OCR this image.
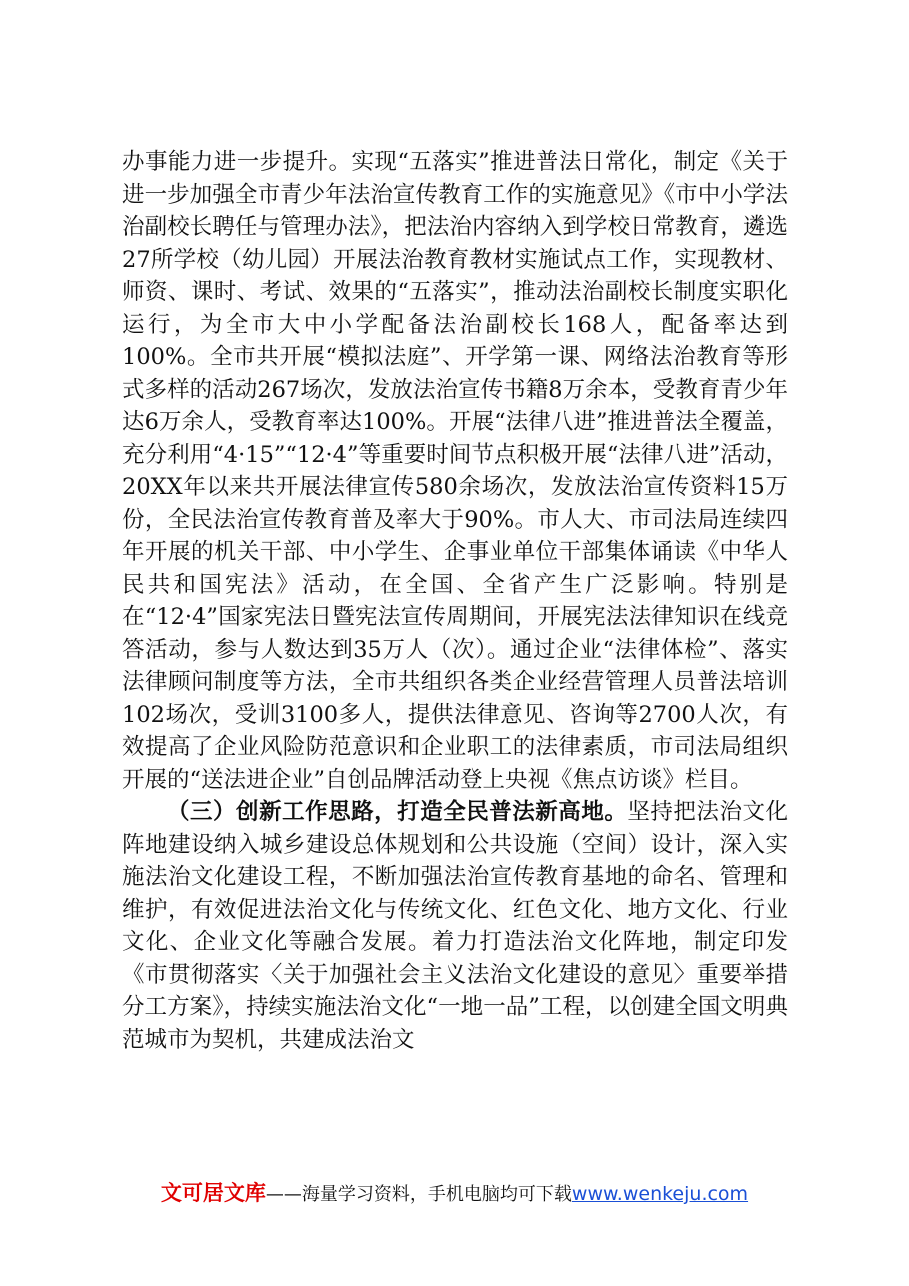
办事能力进一步提升。实现“五落实”推进普法日常化，制定《关于进一步加强全市青少年法治宣传教育工作的实施意见》《市中小学法治副校长聘任与管理办法》，把法治内容纳入到学校日常教育，遴选27所学校（幼儿园）开展法治教育教材实施试点工作，实现教材、师资、课时、考试、效果的“五落实”，推动法治副校长制度实职化运行，为全市大中小学配备法治副校长168人，配备率达到100%。全市共开展“模拟法庭”、开学第一课、网络法治教育等形式多样的活动267场次，发放法治宣传书籍8万余本，受教育青少年达6万余人，受教育率达100%。开展“法律八进”推进普法全覆盖，充分利用“4·15”“12·4”等重要时间节点积极开展“法律八进”活动，20XX年以来共开展法律宣传580余场次，发放法治宣传资料15万份，全民法治宣传教育普及率大于90%。市人大、市司法局连续四年开展的机关干部、中小学生、企事业单位干部集体诵读《中华人民共和国宪法》活动，在全国、全省产生广泛影响。特别是在“12·4”国家宪法日暨宪法宣传周期间，开展宪法法律知识在线竞答活动，参与人数达到35万人（次）。通过企业“法律体检”、落实法律顾问制度等方法，全市共组织各类企业经营管理人员普法培训102场次，受训3100多人，提供法律意见、咨询等2700人次，有效提高了企业风险防范意识和企业职工的法律素质，市司法局组织开展的“送法进企业”自创品牌活动登上央视《焦点访谈》栏目。

（三）创新工作思路，打造全民普法新高地。坚持把法治文化阵地建设纳入城乡建设总体规划和公共设施（空间）设计，深入实施法治文化建设工程，不断加强法治宣传教育基地的命名、管理和维护，有效促进法治文化与传统文化、红色文化、地方文化、行业文化、企业文化等融合发展。着力打造法治文化阵地，制定印发《市贯彻落实〈关于加强社会主义法治文化建设的意见〉重要举措分工方案》，持续实施法治文化“一地一品”工程，以创建全国文明典范城市为契机，共建成法治文

文可居文库——海量学习资料，手机电脑均可下载www.wenkeju.com
